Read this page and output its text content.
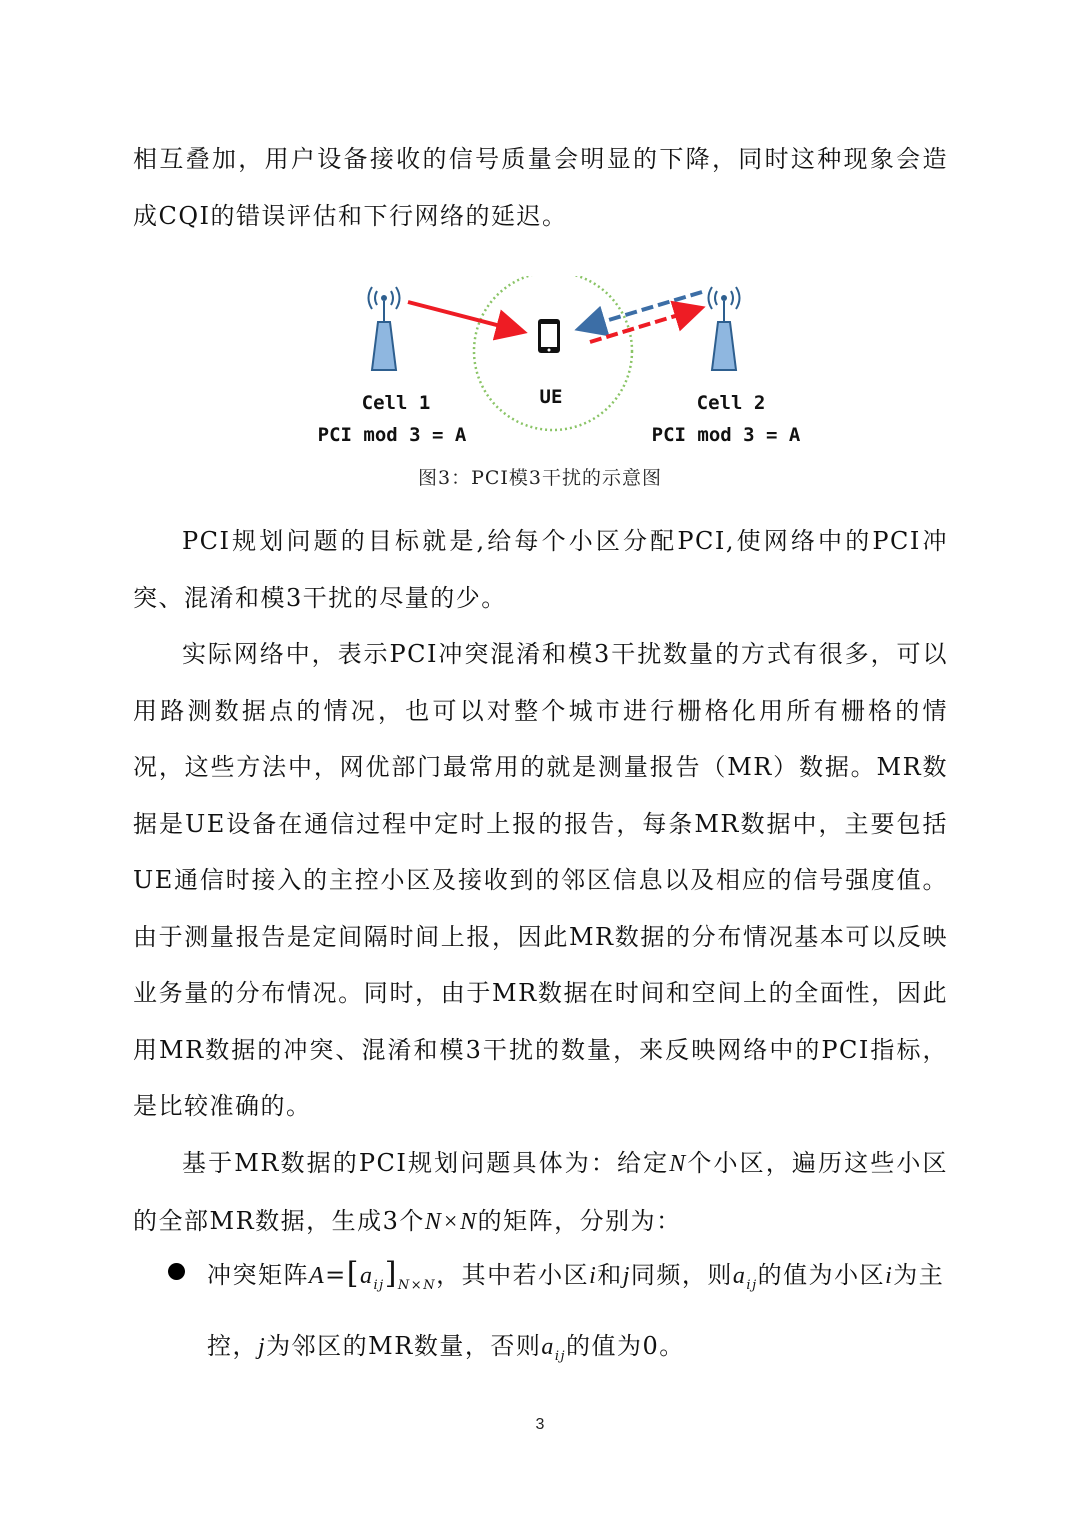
相互叠加，用户设备接收的信号质量会明显的下降，同时这种现象会造成CQI的错误评估和下行网络的延迟。

Cell 1
PCI mod 3 = A
UE	Cell 2
PCI mod 3 = A
图3：PCI模3干扰的示意图

PCI规划问题的目标就是,给每个小区分配PCI,使网络中的PCI冲突、混淆和模3干扰的尽量的少。

实际网络中，表示PCI冲突混淆和模3干扰数量的方式有很多，可以用路测数据点的情况，也可以对整个城市进行栅格化用所有栅格的情况，这些方法中，网优部门最常用的就是测量报告（MR）数据。MR数据是UE设备在通信过程中定时上报的报告，每条MR数据中，主要包括UE通信时接入的主控小区及接收到的邻区信息以及相应的信号强度值。由于测量报告是定间隔时间上报，因此MR数据的分布情况基本可以反映业务量的分布情况。同时，由于MR数据在时间和空间上的全面性，因此用MR数据的冲突、混淆和模3干扰的数量，来反映网络中的PCI指标，是比较准确的。

基于MR数据的PCI规划问题具体为：给定N个小区，遍历这些小区的全部MR数据，生成3个N×N的矩阵，分别为：

冲突矩阵$A=[a_{ij}]_{N\times N}$，其中若小区i和j同频，则$a_{ij}$的值为小区i为主控，j为邻区的MR数量，否则$a_{ij}$的值为0。

3
